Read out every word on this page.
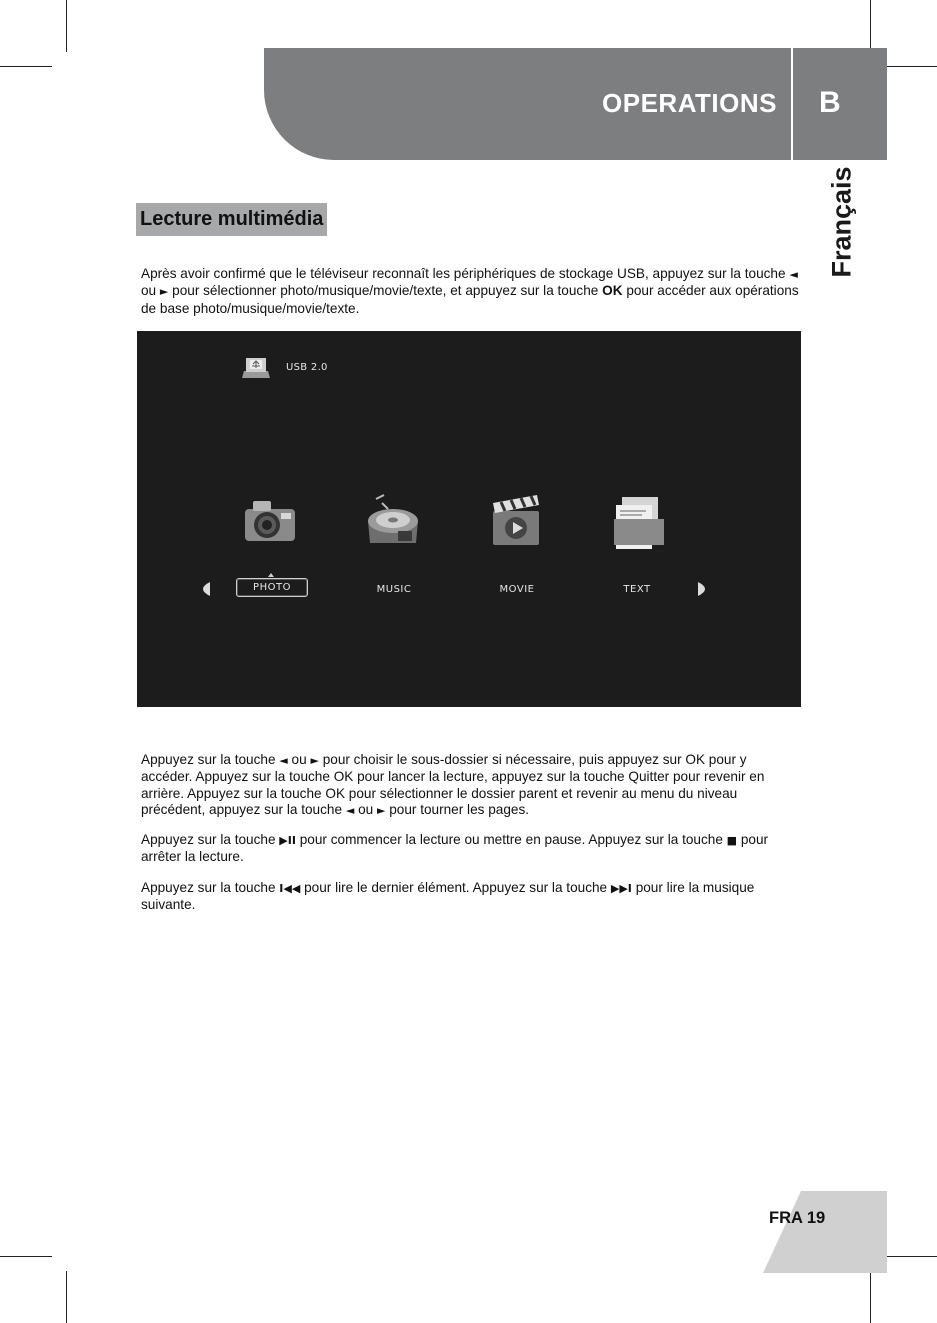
OPERATIONS B
Français
Lecture multimédia
Après avoir confirmé que le téléviseur reconnaît les périphériques de stockage USB, appuyez sur la touche ◄ ou ► pour sélectionner photo/musique/movie/texte, et appuyez sur la touche OK pour accéder aux opérations de base photo/musique/movie/texte.
USB 2.0
PHOTO	MUSIC	MOVIE	TEXT
Appuyez sur la touche ◄ ou ► pour choisir le sous-dossier si nécessaire, puis appuyez sur OK pour y accéder. Appuyez sur la touche OK pour lancer la lecture, appuyez sur la touche Quitter pour revenir en arrière. Appuyez sur la touche OK pour sélectionner le dossier parent et revenir au menu du niveau précédent, appuyez sur la touche ◄ ou ► pour tourner les pages.
Appuyez sur la touche ▶II pour commencer la lecture ou mettre en pause. Appuyez sur la touche ■ pour arrêter la lecture.
Appuyez sur la touche I◀◀ pour lire le dernier élément. Appuyez sur la touche ▶▶I pour lire la musique suivante.
FRA 19
